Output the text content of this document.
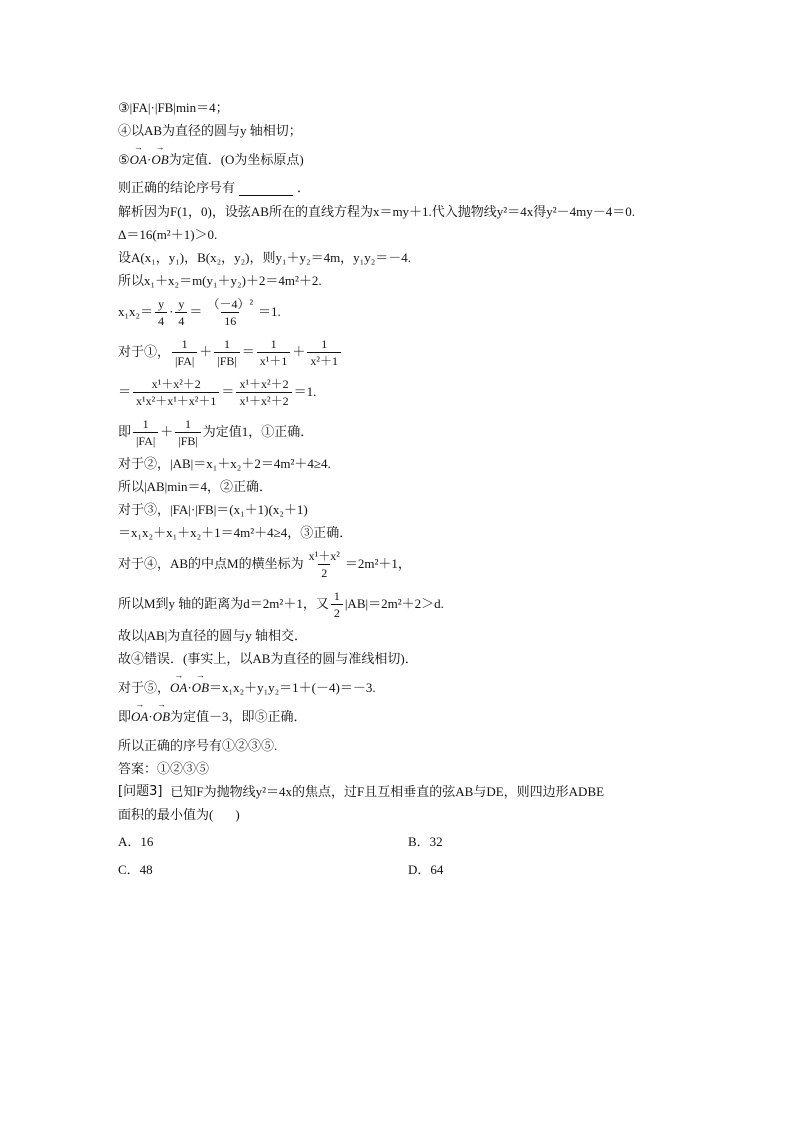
③|FA|·|FB|min＝4；
④以AB为直径的圆与y 轴相切；
⑤ → OA · → OB 为定值．(O为坐标原点)
则正确的结论序号有	．
解析因为F(1，0)，设弦AB所在的直线方程为x＝my＋1.代入抛物线y²＝4x得y²－4my－4＝0.
Δ＝16(m²＋1)＞0.
设A(x₁，y₁)，B(x₂，y₂)，则y₁＋y₂＝4m，y₁y₂＝－4.
所以x₁＋x₂＝m(y₁＋y₂)＋2＝4m²＋2.
$x_1x_2= \frac{y}{4} \cdot \frac{y}{4} = \frac{\text{（－4）²}}{16} =1$.
对于①， $\frac{1}{|FA|} + \frac{1}{|FB|} = \frac{1}{\text{x¹＋1}} + \frac{1}{\text{x²＋1}}$
＝ $\frac{\text{x¹＋x²＋2}}{\text{x¹x²＋x¹＋x²＋1}} = \frac{\text{x¹＋x²＋2}}{\text{x¹＋x²＋2}} =1$.
即 $\frac{1}{|FA|} + \frac{1}{|FB|}$ 为定值1，①正确．
对于②，|AB|＝x₁＋x₂＋2＝4m²＋4≥4.
所以|AB|min＝4，②正确．
对于③，|FA|·|FB|＝(x₁＋1)(x₂＋1)
＝x₁x₂＋x₁＋x₂＋1＝4m²＋4≥4，③正确．
对于④，AB的中点M的横坐标为 $\frac{\text{x¹＋x²}}{2} =2m^2+1$，
所以M到y 轴的距离为d＝2m²＋1，又 $\frac{1}{2} |AB|=2m^2+2>d$.
故以|AB|为直径的圆与y 轴相交．
故④错误．(事实上，以AB为直径的圆与准线相切)．
对于⑤， → OA · → OB ＝x₁x₂＋y₁y₂＝1＋(－4)＝－3.
即 → OA · → OB 为定值－3，即⑤正确．
所以正确的序号有①②③⑤.
答案：①②③⑤
[问题3] 已知F为抛物线y²＝4x的焦点，过F且互相垂直的弦AB与DE，则四边形ADBE
面积的最小值为( )
A．16	B．32
C．48	D．64
